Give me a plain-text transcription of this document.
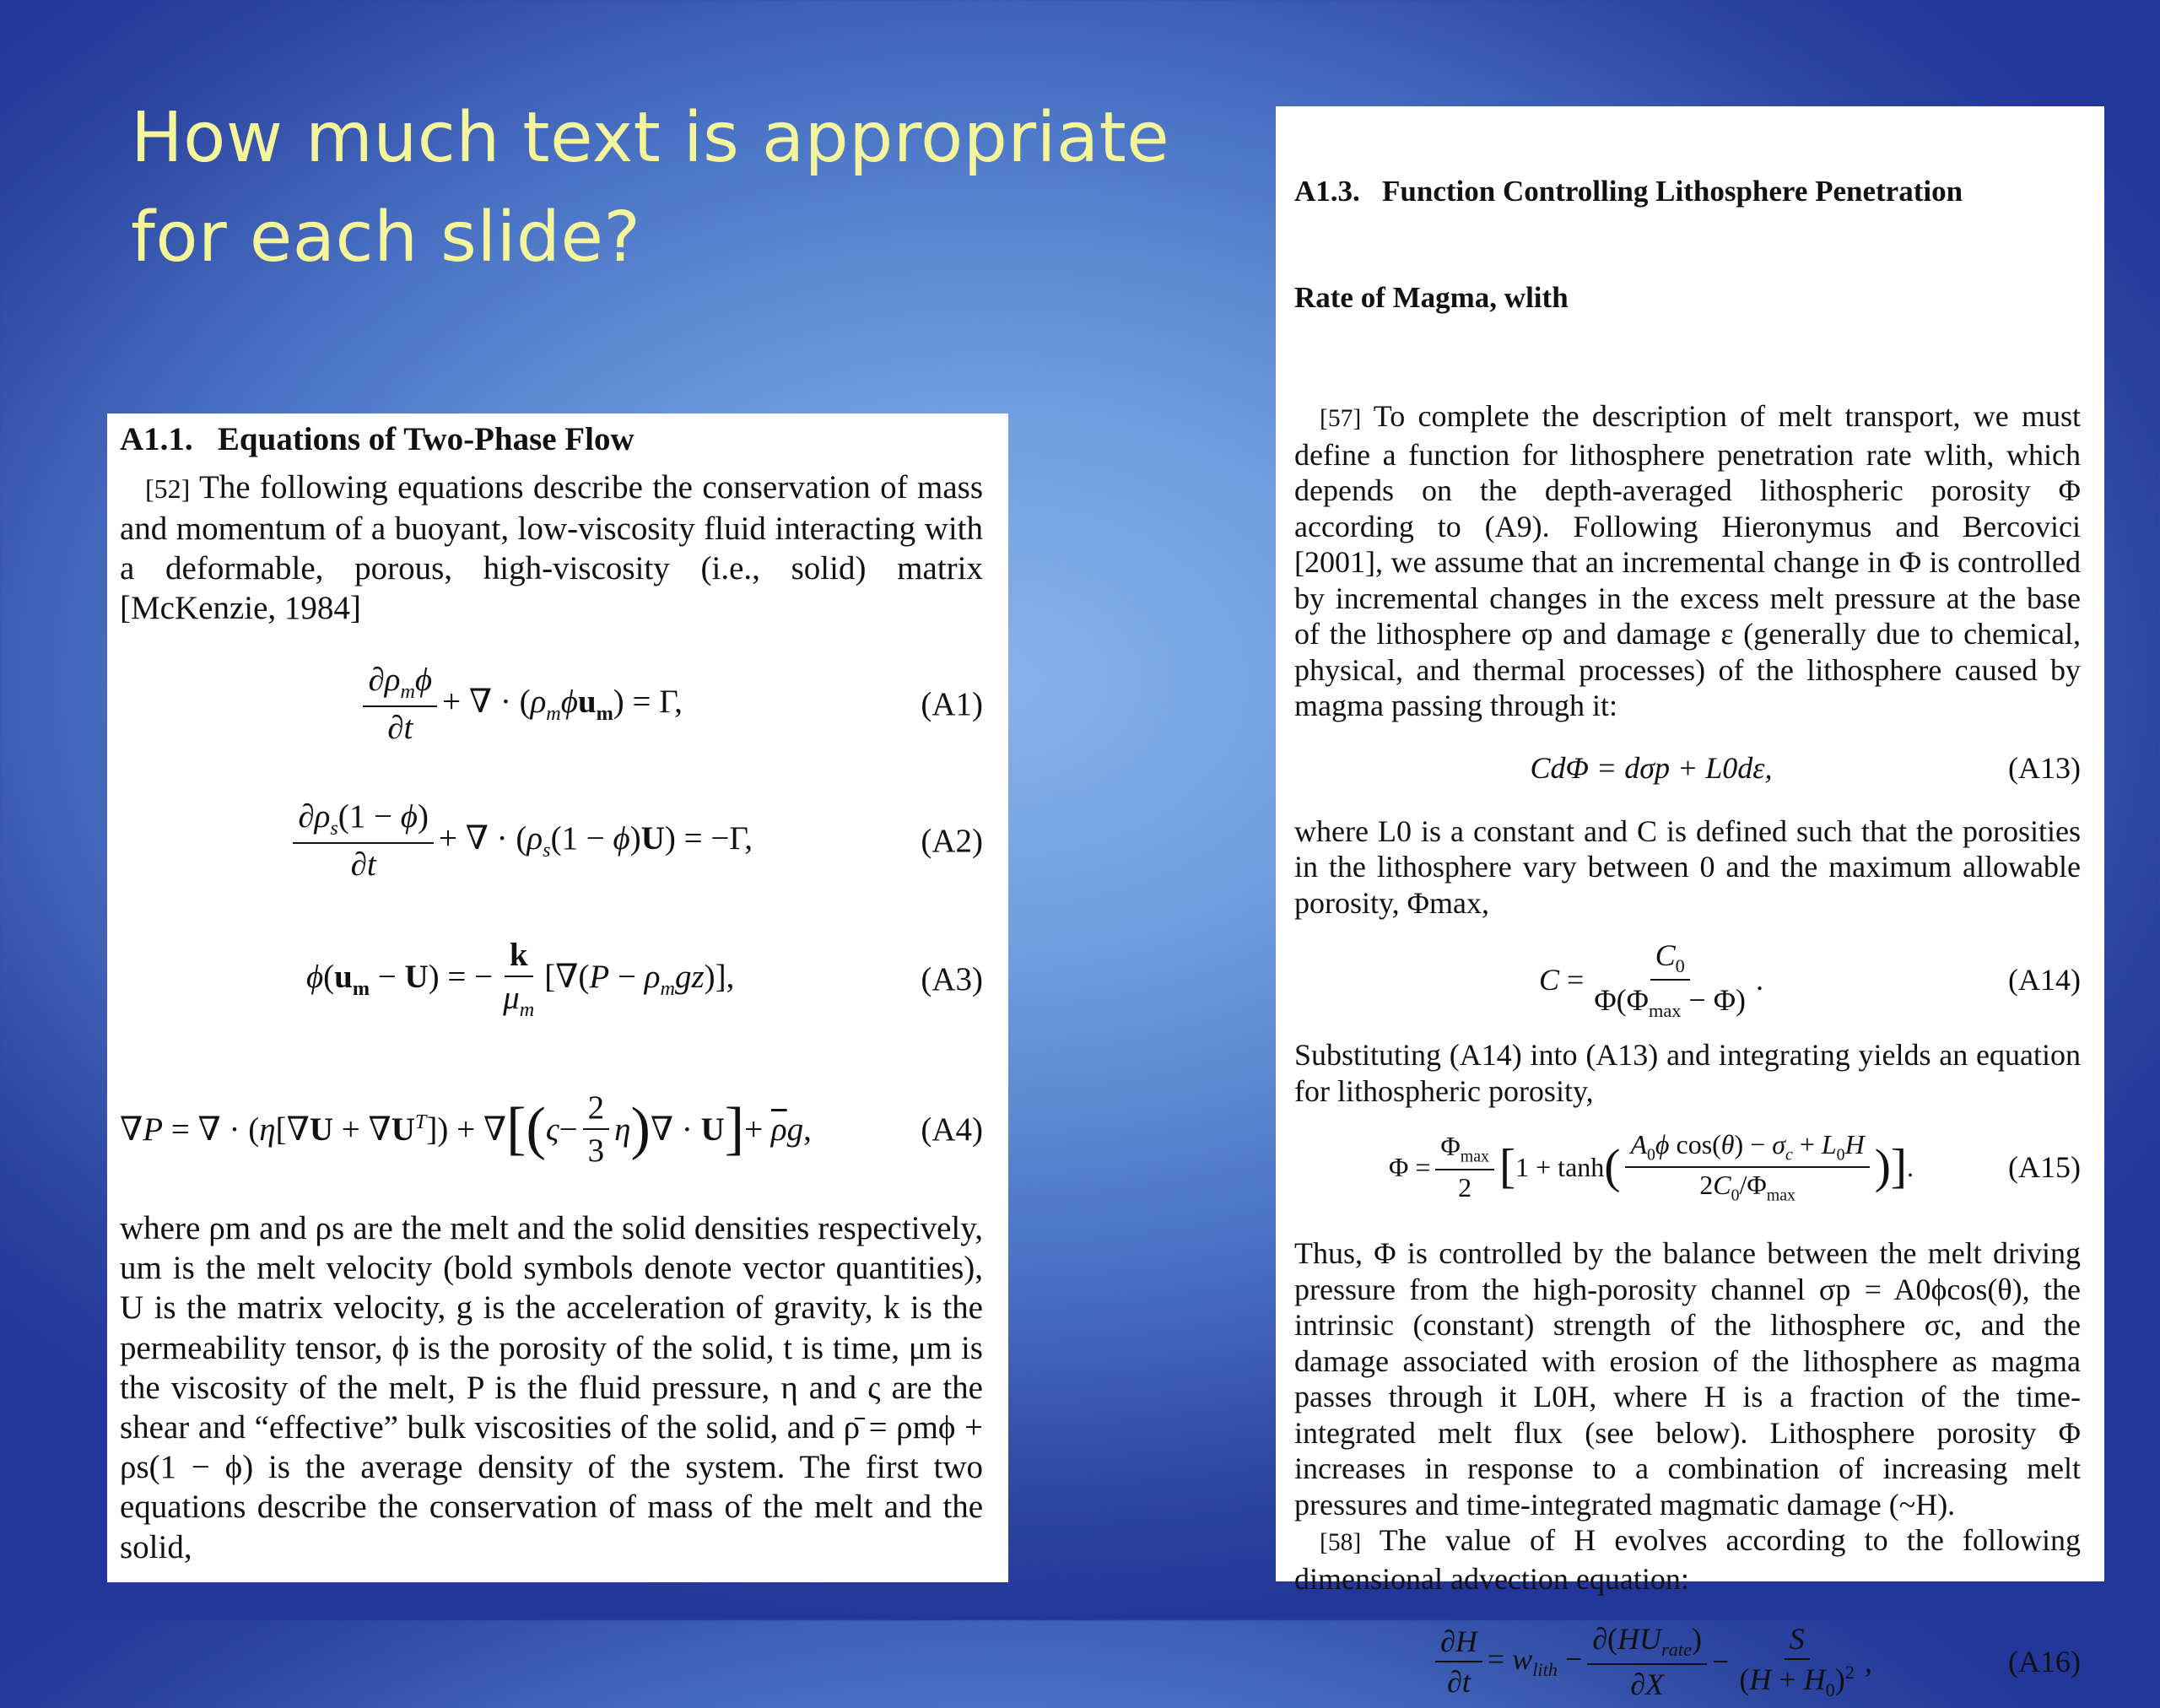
How much text is appropriate for each slide?
A1.1. Equations of Two-Phase Flow

[52] The following equations describe the conservation of mass and momentum of a buoyant, low-viscosity fluid interacting with a deformable, porous, high-viscosity (i.e., solid) matrix [McKenzie, 1984]

$\frac{\partial\rho_m\phi}{\partial t}$ + ∇ · $(\rho_m\phi u_m) = \Gamma$,	(A1)
$\frac{\partial\rho_s(1 - \phi)}{\partial t}$ + ∇ · $(\rho_s(1 - \phi)U) = -\Gamma$,	(A2)
$\phi(u_m - U)$ = − $\frac{k}{\mu_m} [\nabla(P - \rho_mgz)]$,	(A3)
∇P = ∇ · $(\eta[\nabla U + \nabla U^T])$ + ∇ [( $\varsigma - \frac{2}{3}$ η ) ∇ · U ] + $\overline{\rho}g$,	(A4)

where ρm and ρs are the melt and the solid densities respectively, um is the melt velocity (bold symbols denote vector quantities), U is the matrix velocity, g is the acceleration of gravity, k is the permeability tensor, ϕ is the porosity of the solid, t is time, μm is the viscosity of the melt, P is the fluid pressure, η and ς are the shear and “effective” bulk viscosities of the solid, and ρ̄ = ρmϕ + ρs(1 − ϕ) is the average density of the system. The first two equations describe the conservation of mass of the melt and the solid,

A1.3.   Function Controlling Lithosphere Penetration

Rate of Magma, wlith

[57] To complete the description of melt transport, we must define a function for lithosphere penetration rate wlith, which depends on the depth-averaged lithospheric porosity Φ according to (A9). Following Hieronymus and Bercovici [2001], we assume that an incremental change in Φ is controlled by incremental changes in the excess melt pressure at the base of the lithosphere σp and damage ε (generally due to chemical, physical, and thermal processes) of the lithosphere caused by magma passing through it:

CdΦ = dσp + L0dε,	(A13)

where L0 is a constant and C is defined such that the porosities in the lithosphere vary between 0 and the maximum allowable porosity, Φmax,

$C = \frac{C_0}{\Phi(\Phi_{max} - \Phi)}$ .	(A14)

Substituting (A14) into (A13) and integrating yields an equation for lithospheric porosity,

$\Phi = \frac{\Phi_{max}}{2}$ [ 1 + tanh ( $\frac{A_0\phi \cos(\theta) - \sigma_c + L_0H}{2C_0/\Phi_{max}}$ )] .	(A15)

Thus, Φ is controlled by the balance between the melt driving pressure from the high-porosity channel σp = A0ϕcos(θ), the intrinsic (constant) strength of the lithosphere σc, and the damage associated with erosion of the lithosphere as magma passes through it L0H, where H is a fraction of the time-integrated melt flux (see below). Lithosphere porosity Φ increases in response to a combination of increasing melt pressures and time-integrated magmatic damage (~H).

[58] The value of H evolves according to the following dimensional advection equation:

$\frac{\partial H}{\partial t} = w_{lith} - \frac{\partial(HU_{rate})}{\partial X} - \frac{S}{(H + H_0)^2}$ ,	(A16)
